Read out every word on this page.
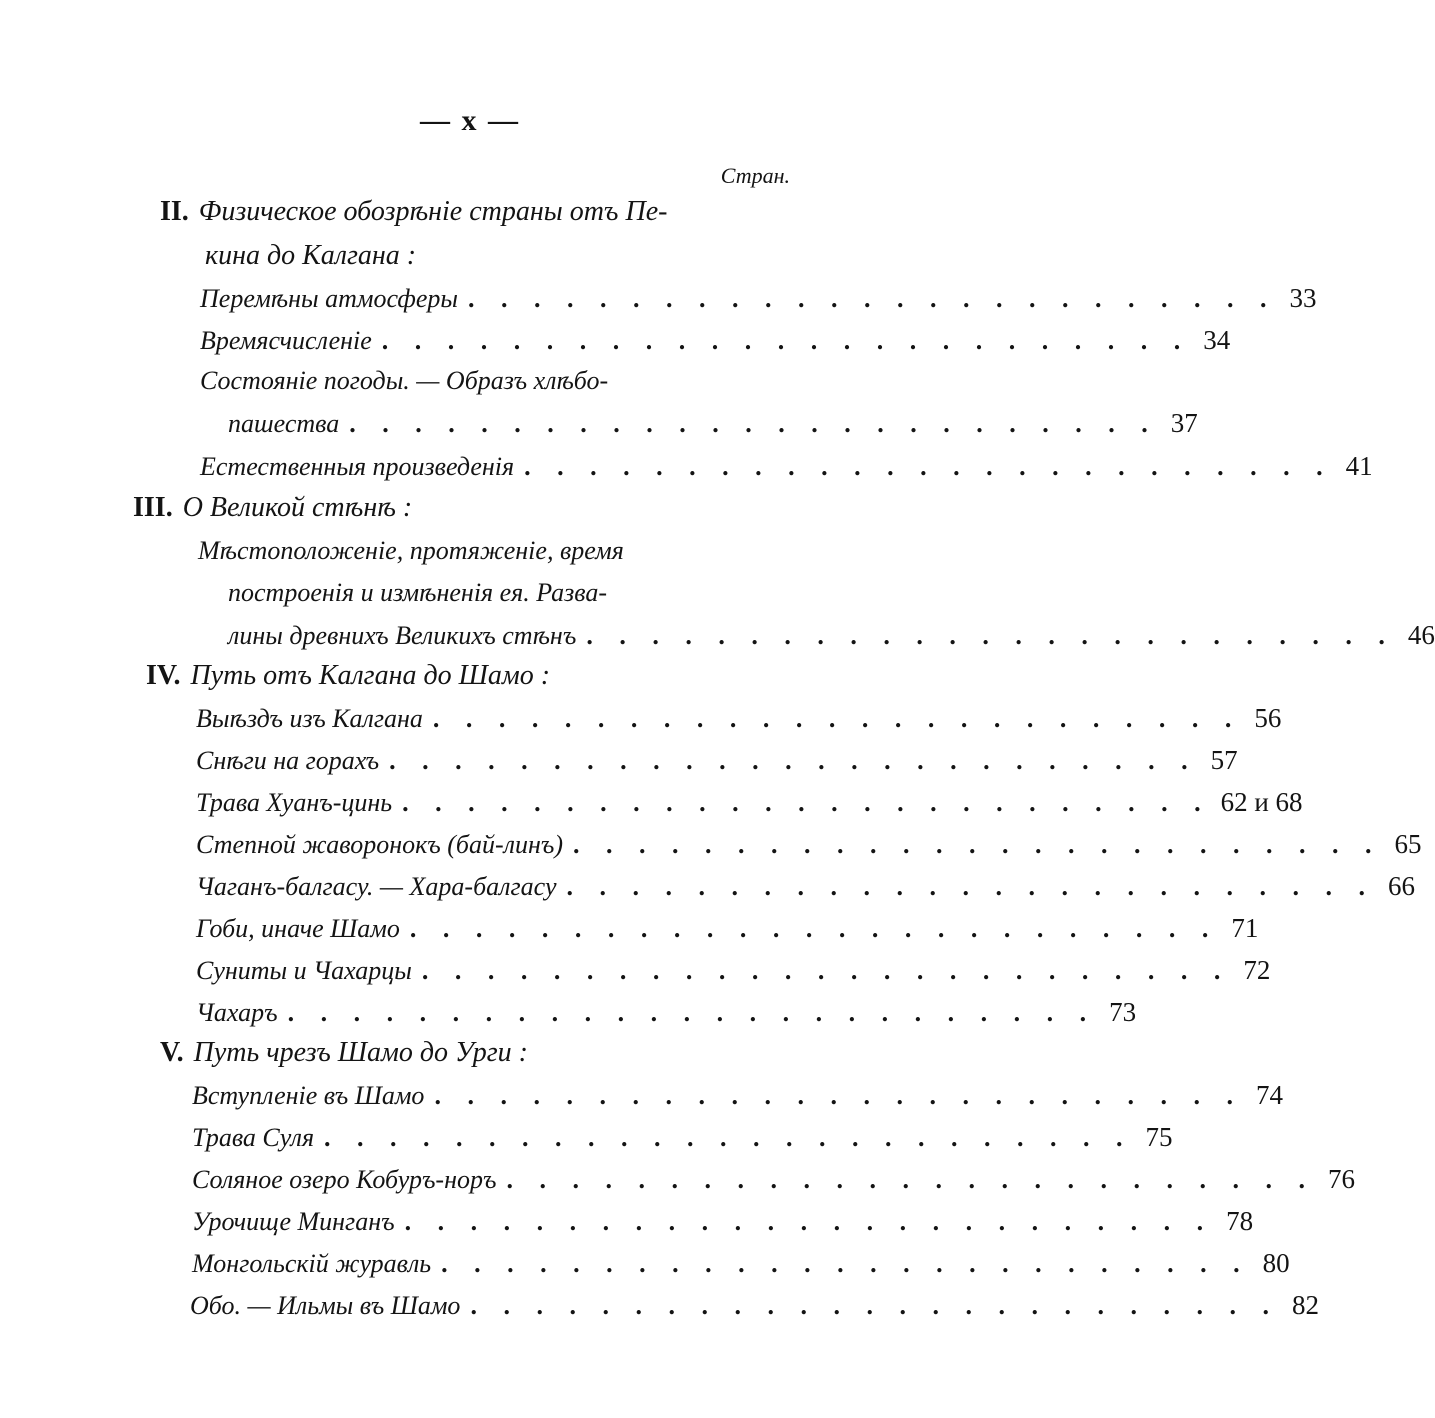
— x —
Стран.
II. Физическое обозрѣніе страны отъ Пе-
кина до Калгана :
Перемѣны атмосферы . . . . . . . . . . . . . . . . . . . . . . . . . 33
Времясчисленіе . . . . . . . . . . . . . . . . . . . . . . . . . 34
Состояніе погоды. — Образъ хлѣбо-
пашества . . . . . . . . . . . . . . . . . . . . . . . . . 37
Естественныя произведенія . . . . . . . . . . . . . . . . . . . . . . . . . 41
III. О Великой стѣнѣ :
Мѣстоположеніе, протяженіе, время
построенія и измѣненія ея. Разва-
лины древнихъ Великихъ стѣнъ . . . . . . . . . . . . . . . . . . . . . . . . . 46
IV. Путь отъ Калгана до Шамо :
Выѣздъ изъ Калгана . . . . . . . . . . . . . . . . . . . . . . . . . 56
Снѣги на горахъ . . . . . . . . . . . . . . . . . . . . . . . . . 57
Трава Хуанъ-цинь . . . . . . . . . . . . . . . . . . . . . . . . . 62 и 68
Степной жаворонокъ (бай-линъ) . . . . . . . . . . . . . . . . . . . . . . . . . 65
Чаганъ-балгасу. — Хара-балгасу . . . . . . . . . . . . . . . . . . . . . . . . . 66
Гоби, иначе Шамо . . . . . . . . . . . . . . . . . . . . . . . . . 71
Суниты и Чахарцы . . . . . . . . . . . . . . . . . . . . . . . . . 72
Чахаръ . . . . . . . . . . . . . . . . . . . . . . . . . 73
V. Путь чрезъ Шамо до Урги :
Вступленіе въ Шамо . . . . . . . . . . . . . . . . . . . . . . . . . 74
Трава Суля . . . . . . . . . . . . . . . . . . . . . . . . . 75
Соляное озеро Кобуръ-норъ . . . . . . . . . . . . . . . . . . . . . . . . . 76
Урочище Минганъ . . . . . . . . . . . . . . . . . . . . . . . . . 78
Монгольскій журавль . . . . . . . . . . . . . . . . . . . . . . . . . 80
Обо. — Ильмы въ Шамо . . . . . . . . . . . . . . . . . . . . . . . . . 82
